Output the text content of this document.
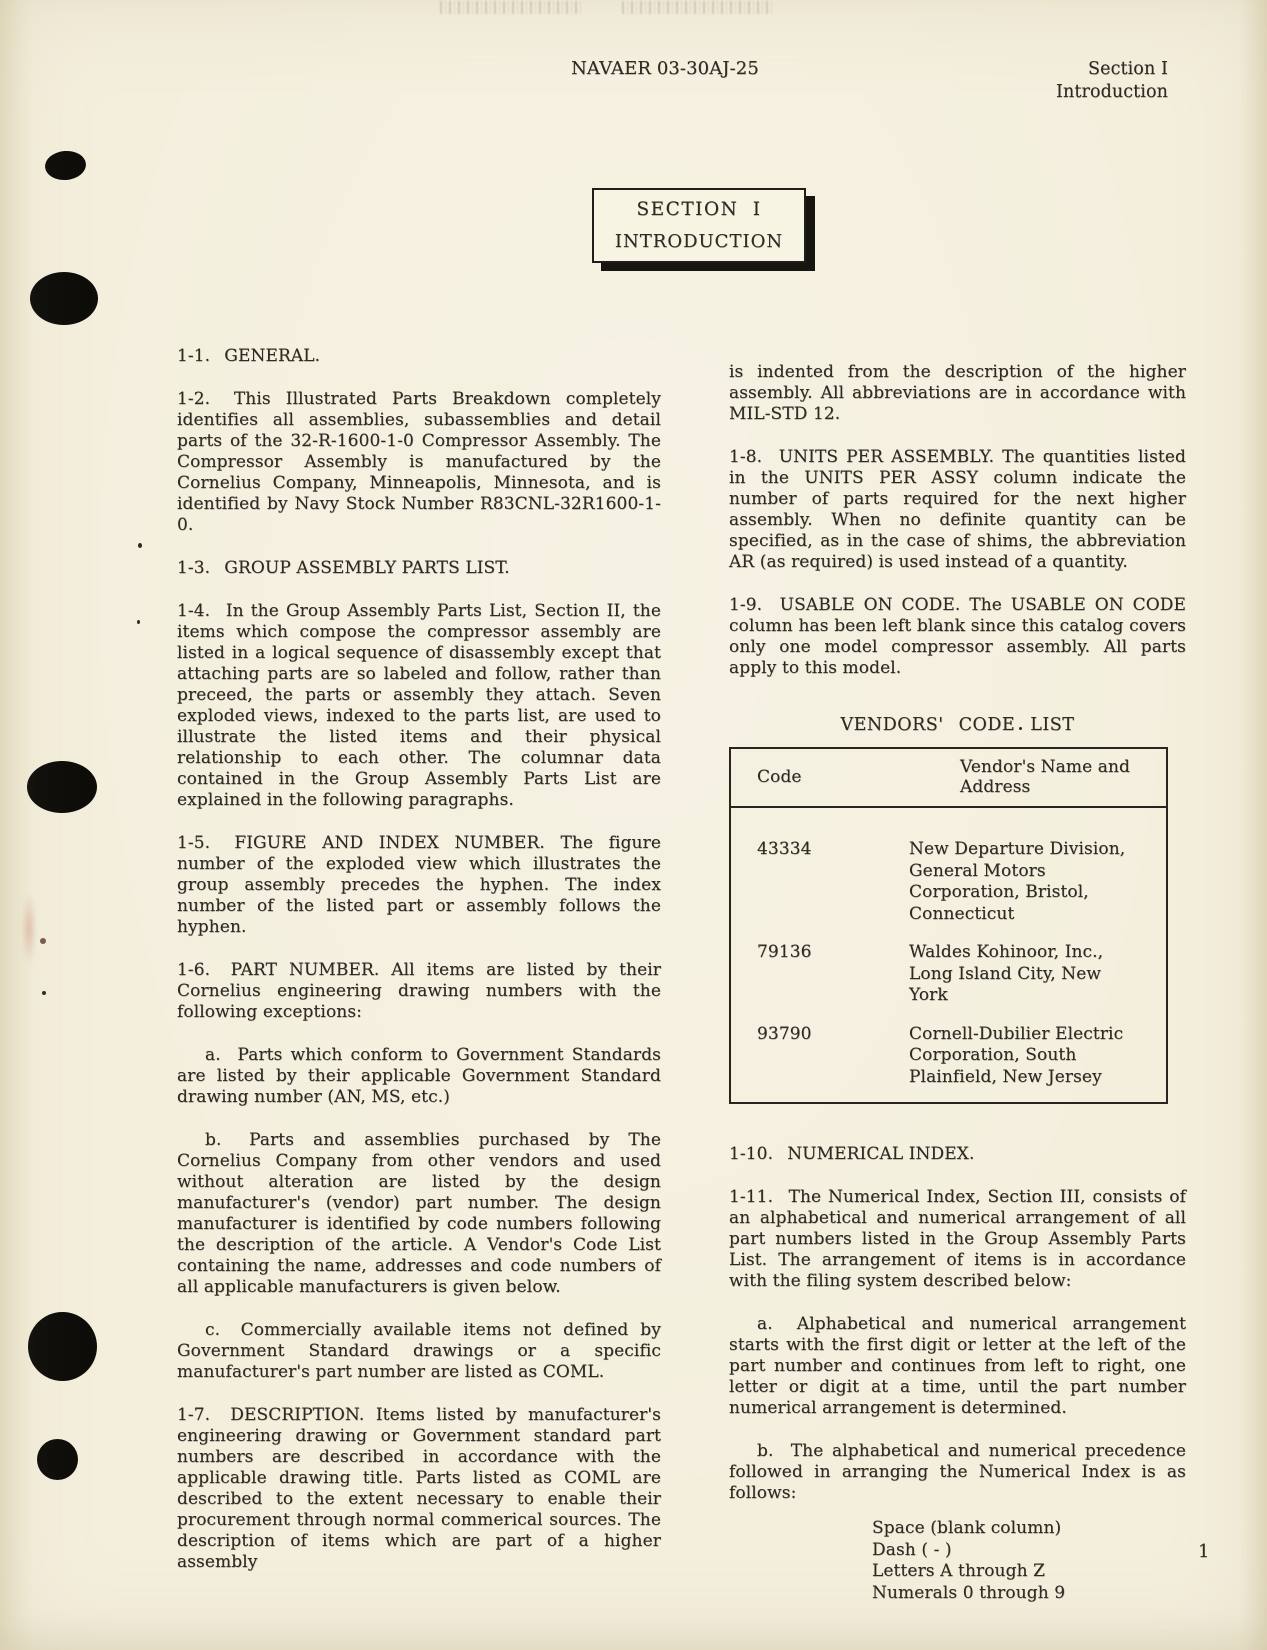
NAVAER 03-30AJ-25	Section I
Introduction
SECTION I
INTRODUCTION
1-1.  GENERAL.
1-2.  This Illustrated Parts Breakdown completely identifies all assemblies, subassemblies and detail parts of the 32-R-1600-1-0 Compressor Assembly. The Compressor Assembly is manufactured by the Cornelius Company, Minneapolis, Minnesota, and is identified by Navy Stock Number R83CNL-32R1600-1-0.
1-3.  GROUP ASSEMBLY PARTS LIST.
1-4.  In the Group Assembly Parts List, Section II, the items which compose the compressor assembly are listed in a logical sequence of disassembly except that attaching parts are so labeled and follow, rather than preceed, the parts or assembly they attach. Seven exploded views, indexed to the parts list, are used to illustrate the listed items and their physical relationship to each other. The columnar data contained in the Group Assembly Parts List are explained in the following paragraphs.
1-5.  FIGURE AND INDEX NUMBER. The figure number of the exploded view which illustrates the group assembly precedes the hyphen. The index number of the listed part or assembly follows the hyphen.
1-6.  PART NUMBER. All items are listed by their Cornelius engineering drawing numbers with the following exceptions:
a.  Parts which conform to Government Standards are listed by their applicable Government Standard drawing number (AN, MS, etc.)
b.  Parts and assemblies purchased by The Cornelius Company from other vendors and used without alteration are listed by the design manufacturer's (vendor) part number. The design manufacturer is identified by code numbers following the description of the article. A Vendor's Code List containing the name, addresses and code numbers of all applicable manufacturers is given below.
c.  Commercially available items not defined by Government Standard drawings or a specific manufacturer's part number are listed as COML.
1-7.  DESCRIPTION. Items listed by manufacturer's engineering drawing or Government standard part numbers are described in accordance with the applicable drawing title. Parts listed as COML are described to the extent necessary to enable their procurement through normal commerical sources. The description of items which are part of a higher assembly
is indented from the description of the higher assembly. All abbreviations are in accordance with MIL-STD 12.
1-8.  UNITS PER ASSEMBLY. The quantities listed in the UNITS PER ASSY column indicate the number of parts required for the next higher assembly. When no definite quantity can be specified, as in the case of shims, the abbreviation AR (as required) is used instead of a quantity.
1-9.  USABLE ON CODE. The USABLE ON CODE column has been left blank since this catalog covers only one model compressor assembly. All parts apply to this model.
VENDORS' CODE LIST
Code	Vendor's Name and Address
43334	New Departure Division, General Motors Corporation, Bristol, Connecticut
79136	Waldes Kohinoor, Inc., Long Island City, New York
93790	Cornell-Dubilier Electric Corporation, South Plainfield, New Jersey
1-10.  NUMERICAL INDEX.
1-11.  The Numerical Index, Section III, consists of an alphabetical and numerical arrangement of all part numbers listed in the Group Assembly Parts List. The arrangement of items is in accordance with the filing system described below:
a.  Alphabetical and numerical arrangement starts with the first digit or letter at the left of the part number and continues from left to right, one letter or digit at a time, until the part number numerical arrangement is determined.
b.  The alphabetical and numerical precedence followed in arranging the Numerical Index is as follows:
Space (blank column)
Dash ( - )
Letters A through Z
Numerals 0 through 9
1
